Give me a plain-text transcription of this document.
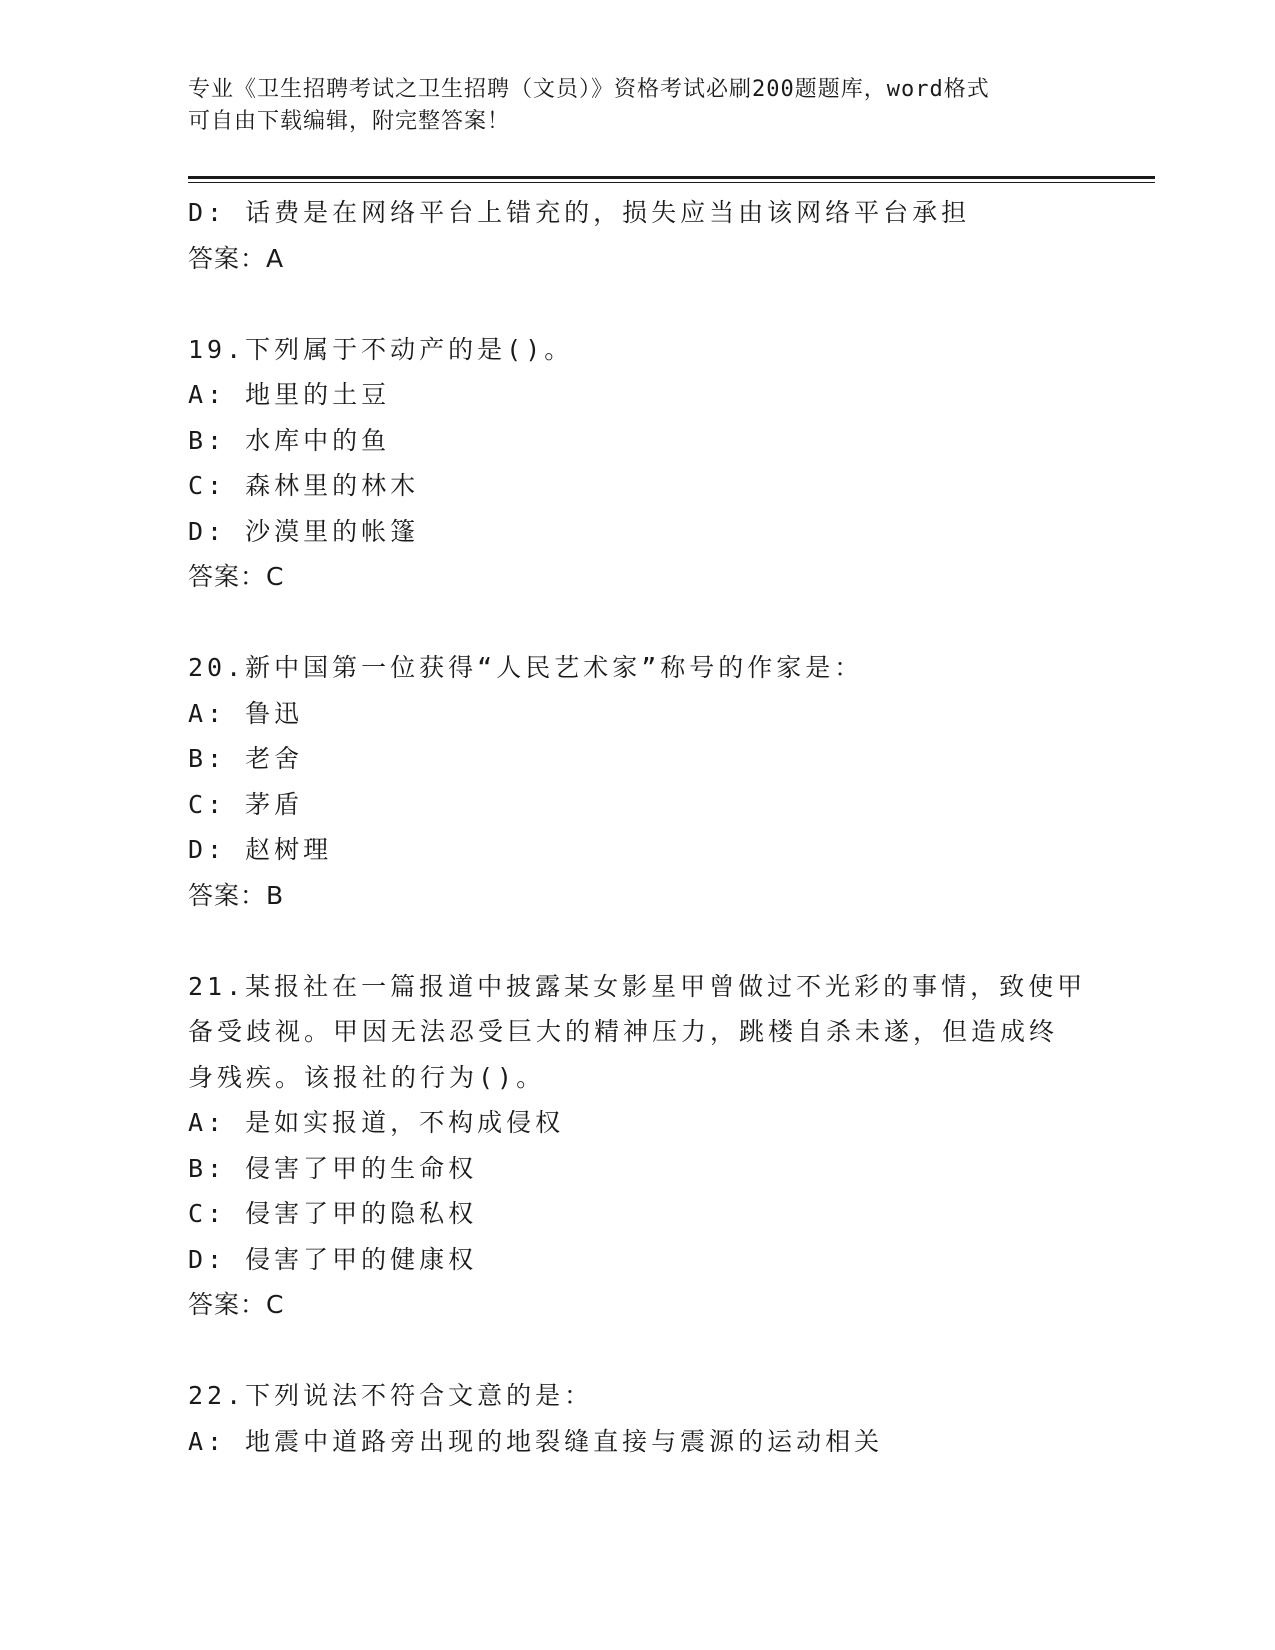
专业《卫生招聘考试之卫生招聘（文员）》资格考试必刷200题题库，word格式
可自由下载编辑，附完整答案！
D: 话费是在网络平台上错充的，损失应当由该网络平台承担
答案：A
19.下列属于不动产的是()。
A: 地里的土豆
B: 水库中的鱼
C: 森林里的林木
D: 沙漠里的帐篷
答案：C
20.新中国第一位获得“人民艺术家”称号的作家是：
A: 鲁迅
B: 老舍
C: 茅盾
D: 赵树理
答案：B
21.某报社在一篇报道中披露某女影星甲曾做过不光彩的事情，致使甲
备受歧视。甲因无法忍受巨大的精神压力，跳楼自杀未遂，但造成终
身残疾。该报社的行为()。
A: 是如实报道，不构成侵权
B: 侵害了甲的生命权
C: 侵害了甲的隐私权
D: 侵害了甲的健康权
答案：C
22.下列说法不符合文意的是：
A: 地震中道路旁出现的地裂缝直接与震源的运动相关
